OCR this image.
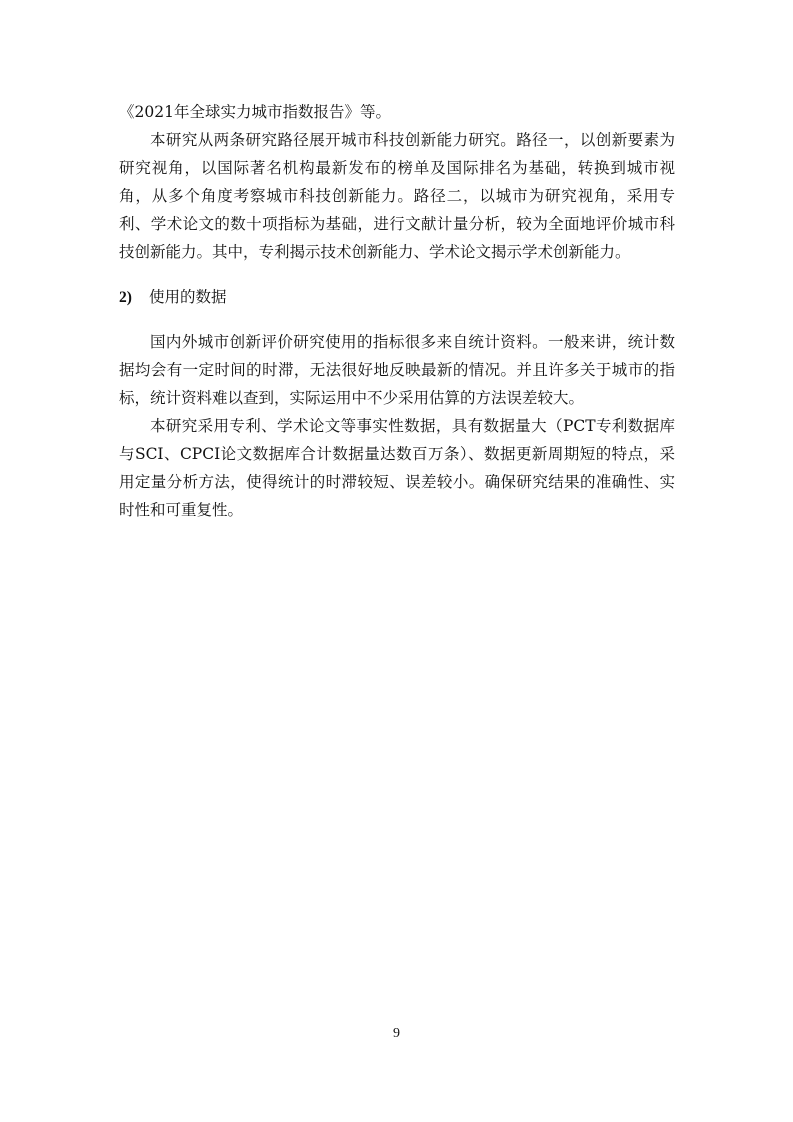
《2021年全球实力城市指数报告》等。

本研究从两条研究路径展开城市科技创新能力研究。路径一，以创新要素为研究视角，以国际著名机构最新发布的榜单及国际排名为基础，转换到城市视角，从多个角度考察城市科技创新能力。路径二，以城市为研究视角，采用专利、学术论文的数十项指标为基础，进行文献计量分析，较为全面地评价城市科技创新能力。其中，专利揭示技术创新能力、学术论文揭示学术创新能力。

2) 使用的数据

国内外城市创新评价研究使用的指标很多来自统计资料。一般来讲，统计数据均会有一定时间的时滞，无法很好地反映最新的情况。并且许多关于城市的指标，统计资料难以查到，实际运用中不少采用估算的方法误差较大。

本研究采用专利、学术论文等事实性数据，具有数据量大（PCT专利数据库与SCI、CPCI论文数据库合计数据量达数百万条）、数据更新周期短的特点，采用定量分析方法，使得统计的时滞较短、误差较小。确保研究结果的准确性、实时性和可重复性。

9
